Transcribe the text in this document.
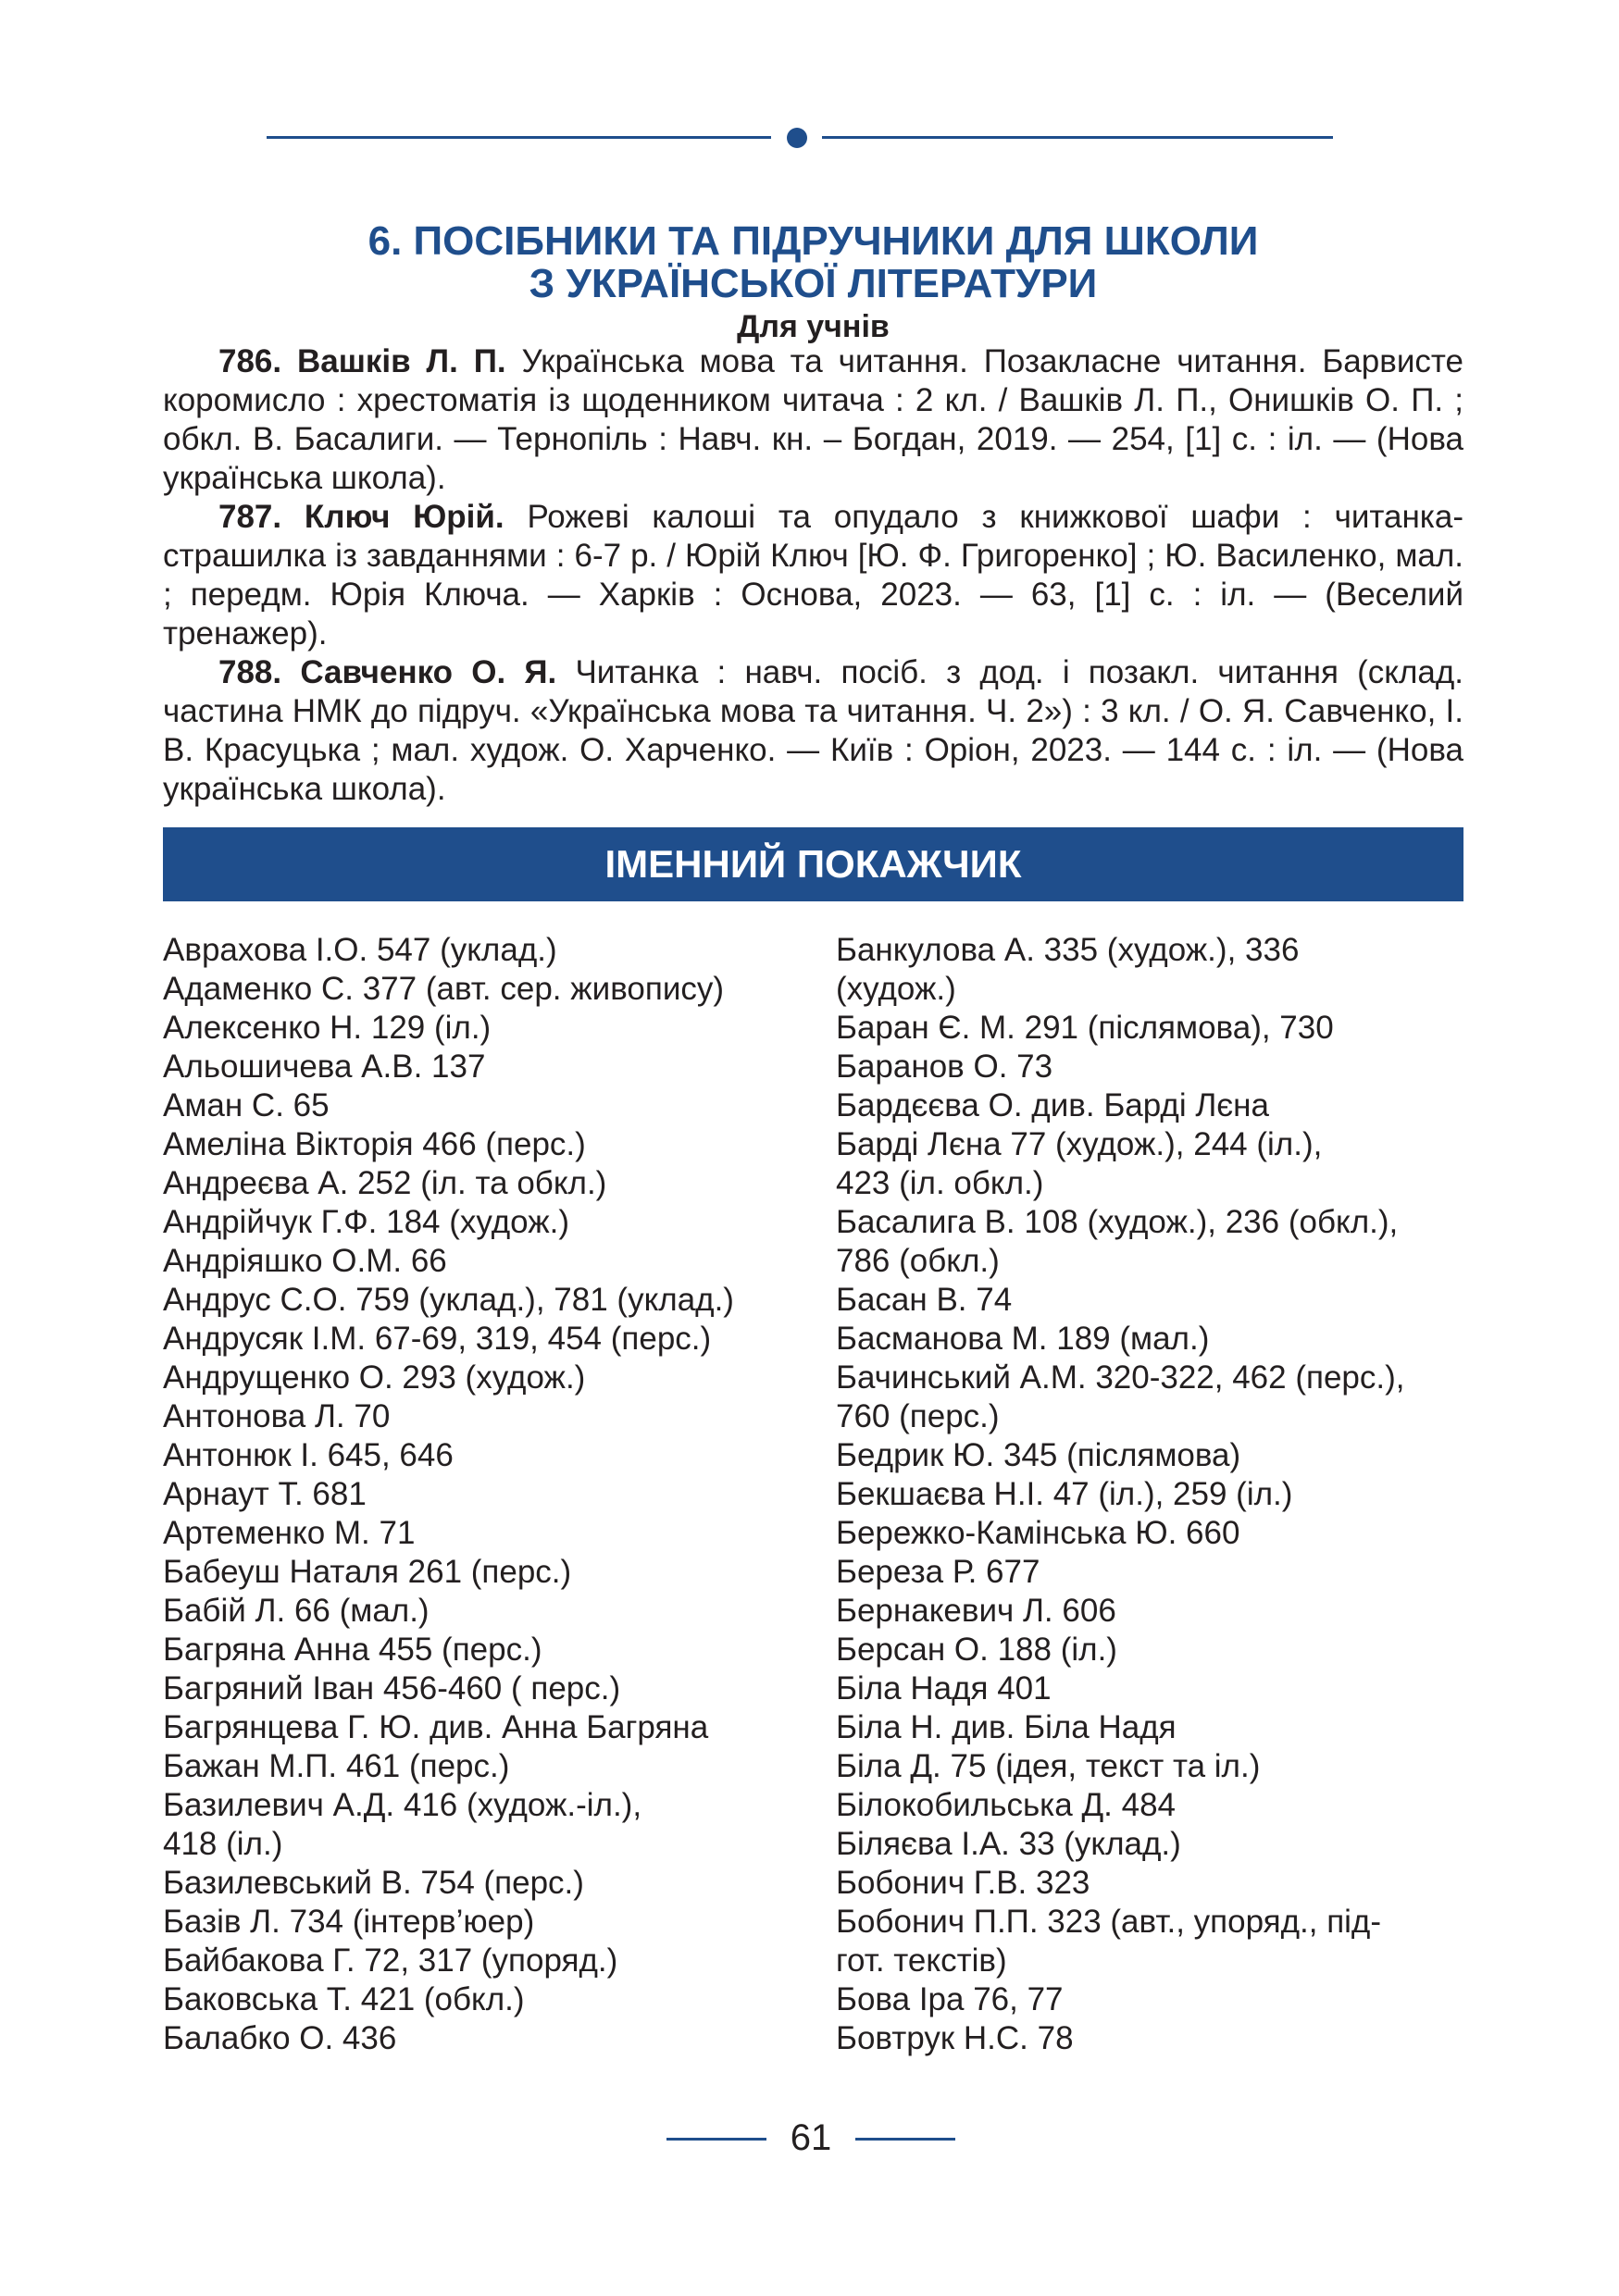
6. ПОСІБНИКИ ТА ПІДРУЧНИКИ ДЛЯ ШКОЛИ
З УКРАЇНСЬКОЇ ЛІТЕРАТУРИ
Для учнів

786. Вашків Л. П. Українська мова та читання. Позакласне читання. Барвисте коромисло : хрестоматія із щоденником читача : 2 кл. / Вашків Л. П., Онишків О. П. ; обкл. В. Басалиги. — Тернопіль : Навч. кн. – Богдан, 2019. — 254, [1] с. : іл. — (Нова українська школа).

787. Ключ Юрій. Рожеві калоші та опудало з книжкової шафи : читанка-страшилка із завданнями : 6-7 р. / Юрій Ключ [Ю. Ф. Григоренко] ; Ю. Василенко, мал. ; передм. Юрія Ключа. — Харків : Основа, 2023. — 63, [1] с. : іл. — (Веселий тренажер).

788. Савченко О. Я. Читанка : навч. посіб. з дод. і позакл. читання (склад. частина НМК до підруч. «Українська мова та читання. Ч. 2») : 3 кл. / О. Я. Савченко, І. В. Красуцька ; мал. худож. О. Харченко. — Київ : Оріон, 2023. — 144 с. : іл. — (Нова українська школа).

ІМЕННИЙ ПОКАЖЧИК
Аврахова І.О. 547 (уклад.)
Адаменко С. 377 (авт. сер. живопису)
Алексенко Н. 129 (іл.)
Альошичева А.В. 137
Аман С. 65
Амеліна Вікторія 466 (перс.)
Андреєва А. 252 (іл. та обкл.)
Андрійчук Г.Ф. 184 (худож.)
Андріяшко О.М. 66
Андрус С.О. 759 (уклад.), 781 (уклад.)
Андрусяк І.М. 67-69, 319, 454 (перс.)
Андрущенко О. 293 (худож.)
Антонова Л. 70
Антонюк І. 645, 646
Арнаут Т. 681
Артеменко М. 71
Бабеуш Наталя 261 (перс.)
Бабій Л. 66 (мал.)
Багряна Анна 455 (перс.)
Багряний Іван 456-460 ( перс.)
Багрянцева Г. Ю. див. Анна Багряна
Бажан М.П. 461 (перс.)
Базилевич А.Д. 416 (худож.-іл.),
418 (іл.)
Базилевський В. 754 (перс.)
Базів Л. 734 (інтерв’юер)
Байбакова Г. 72, 317 (упоряд.)
Баковська Т. 421 (обкл.)
Балабко О. 436
Банкулова А. 335 (худож.), 336
(худож.)
Баран Є. М. 291 (післямова), 730
Баранов О. 73
Бардєєва О. див. Барді Лєна
Барді Лєна 77 (худож.), 244 (іл.),
423 (іл. обкл.)
Басалига В. 108 (худож.), 236 (обкл.),
786 (обкл.)
Басан В. 74
Басманова М. 189 (мал.)
Бачинський А.М. 320-322, 462 (перс.),
760 (перс.)
Бедрик Ю. 345 (післямова)
Бекшаєва Н.І. 47 (іл.), 259 (іл.)
Бережко-Камінська Ю. 660
Береза Р. 677
Бернакевич Л. 606
Берсан О. 188 (іл.)
Біла Надя 401
Біла Н. див. Біла Надя
Біла Д. 75 (ідея, текст та іл.)
Білокобильська Д. 484
Біляєва І.А. 33 (уклад.)
Бобонич Г.В. 323
Бобонич П.П. 323 (авт., упоряд., під-
гот. текстів)
Бова Іра 76, 77
Бовтрук Н.С. 78
61
